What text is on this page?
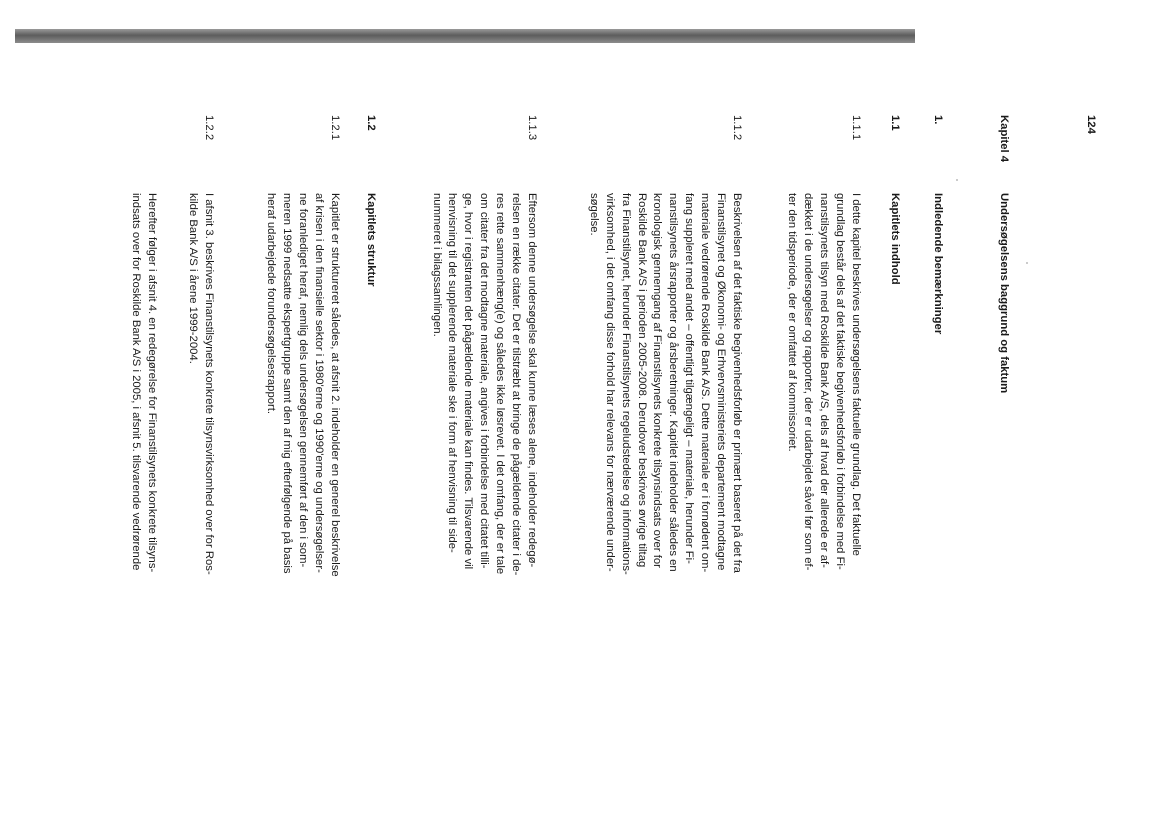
124
Kapitel 4
Undersøgelsens baggrund og faktum
1.
Indledende bemærkninger
1.1
Kapitlets indhold
1.1.1
I dette kapitel beskrives undersøgelsens faktuelle grundlag. Det faktuelle
grundlag består dels af det faktiske begivenhedsforløb i forbindelse med Fi-
nanstilsynets tilsyn med Roskilde Bank A/S, dels af hvad der allerede er af-
dækket i de undersøgelser og rapporter, der er udarbejdet såvel før som ef-
ter den tidsperiode, der er omfattet af kommissoriet.
1.1.2
Beskrivelsen af det faktiske begivenhedsforløb er primært baseret på det fra
Finanstilsynet og Økonomi- og Erhvervsministeriets departement modtagne
materiale vedrørende Roskilde Bank A/S. Dette materiale er i fornødent om-
fang suppleret med andet – offentligt tilgængeligt – materiale, herunder Fi-
nanstilsynets årsrapporter og årsberetninger. Kapitlet indeholder således en
kronologisk gennemgang af Finanstilsynets konkrete tilsynsindsats over for
Roskilde Bank A/S i perioden 2005-2008. Derudover beskrives øvrige tiltag
fra Finanstilsynet, herunder Finanstilsynets regeludstedelse og informations-
virksomhed, i det omfang disse forhold har relevans for nærværende under-
søgelse.
1.1.3
Eftersom denne undersøgelse skal kunne læses alene, indeholder redegø-
relsen en række citater. Det er tilstræbt at bringe de pågældende citater i de-
res rette sammenhæng(e) og således ikke løsrevet. I det omfang, der er tale
om citater fra det modtagne materiale, angives i forbindelse med citatet tilli-
ge, hvor i registranten det pågældende materiale kan findes. Tilsvarende vil
henvisning til det supplerende materiale ske i form af henvisning til side-
nummeret i bilagssamlingen.
1.2
Kapitlets struktur
1.2.1
Kapitlet er struktureret således, at afsnit 2. indeholder en generel beskrivelse
af krisen i den finansielle sektor i 1980'erne og 1990'erne og undersøgelser-
ne foranlediget heraf, nemlig dels undersøgelsen gennemført af den i som-
meren 1999 nedsatte ekspertgruppe samt den af mig efterfølgende på basis
heraf udarbejdede forundersøgelsesrapport.
1.2.2
I afsnit 3. beskrives Finanstilsynets konkrete tilsynsvirksomhed over for Ros-
kilde Bank A/S i årene 1999-2004.
Herefter følger i afsnit 4. en redegørelse for Finanstilsynets konkrete tilsyns-
indsats over for Roskilde Bank A/S i 2005, i afsnit 5. tilsvarende vedrørende
